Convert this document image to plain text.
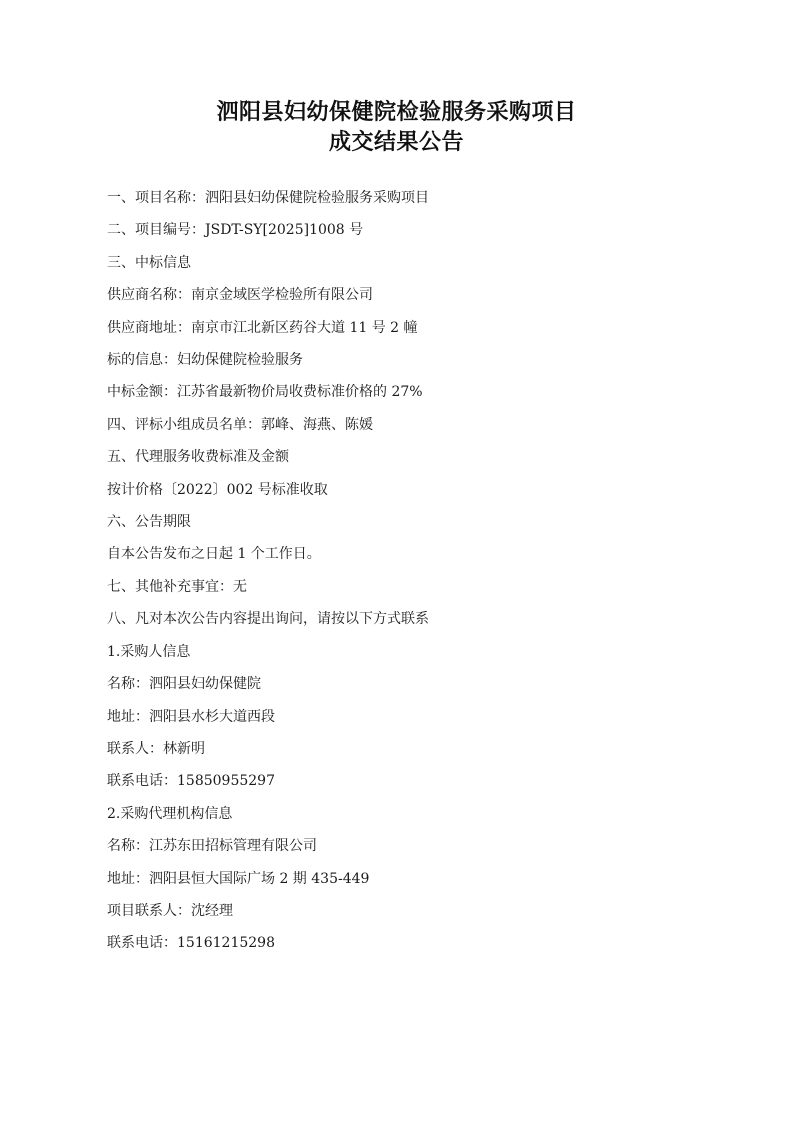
泗阳县妇幼保健院检验服务采购项目
成交结果公告
一、项目名称：泗阳县妇幼保健院检验服务采购项目
二、项目编号：JSDT-SY[2025]1008 号
三、中标信息
供应商名称：南京金域医学检验所有限公司
供应商地址：南京市江北新区药谷大道 11 号 2 幢
标的信息：妇幼保健院检验服务
中标金额：江苏省最新物价局收费标准价格的 27%
四、评标小组成员名单：郭峰、海燕、陈媛
五、代理服务收费标准及金额
按计价格〔2022〕002 号标准收取
六、公告期限
自本公告发布之日起 1 个工作日。
七、其他补充事宜：无
八、凡对本次公告内容提出询问，请按以下方式联系
1.采购人信息
名称：泗阳县妇幼保健院
地址：泗阳县水杉大道西段
联系人：林新明
联系电话：15850955297
2.采购代理机构信息
名称：江苏东田招标管理有限公司
地址：泗阳县恒大国际广场 2 期 435-449
项目联系人：沈经理
联系电话：15161215298
